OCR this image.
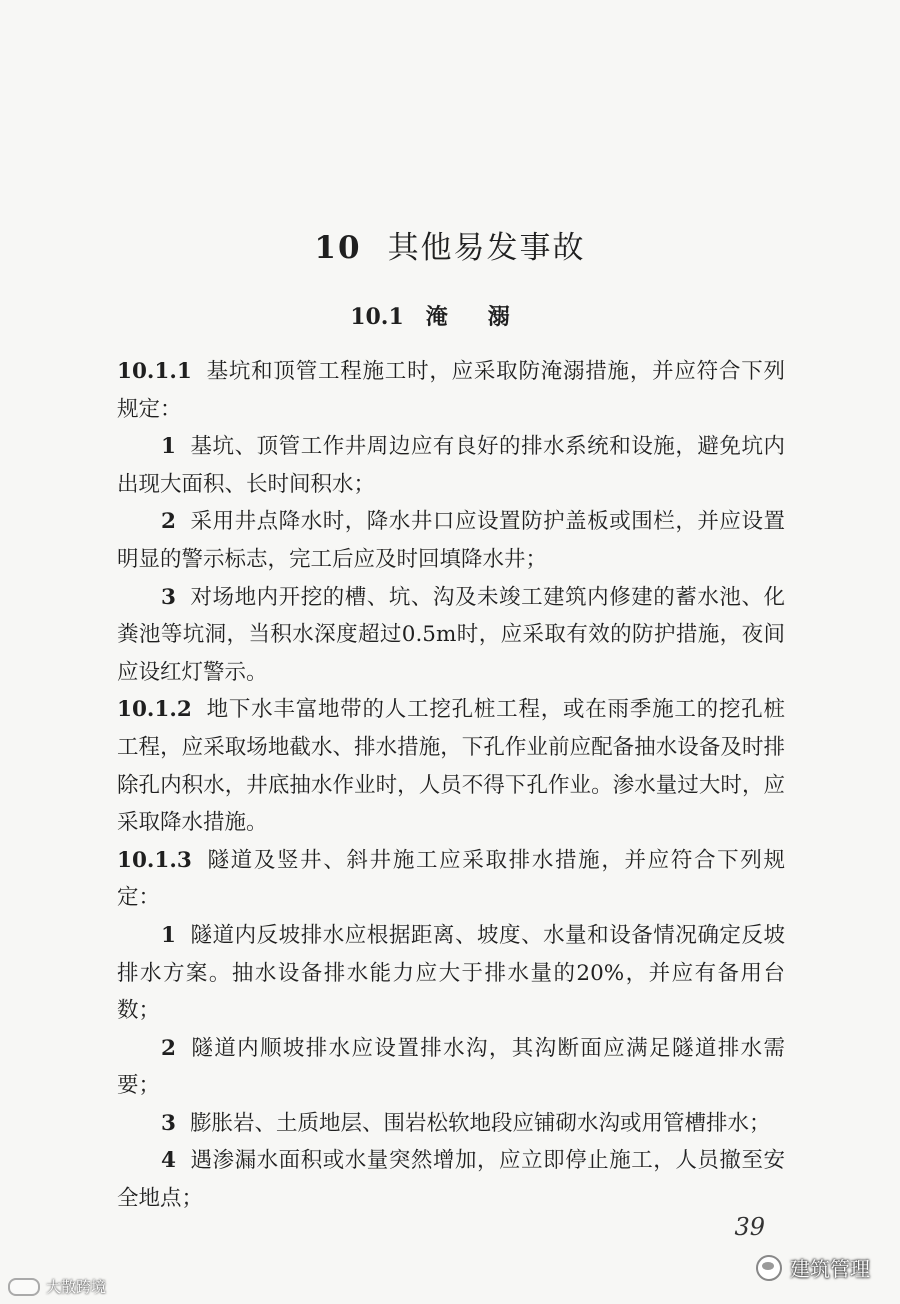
10 其他易发事故
10.1 淹溺

10.1.1 基坑和顶管工程施工时，应采取防淹溺措施，并应符合下列规定：

1 基坑、顶管工作井周边应有良好的排水系统和设施，避免坑内出现大面积、长时间积水；

2 采用井点降水时，降水井口应设置防护盖板或围栏，并应设置明显的警示标志，完工后应及时回填降水井；

3 对场地内开挖的槽、坑、沟及未竣工建筑内修建的蓄水池、化粪池等坑洞，当积水深度超过0.5m时，应采取有效的防护措施，夜间应设红灯警示。

10.1.2 地下水丰富地带的人工挖孔桩工程，或在雨季施工的挖孔桩工程，应采取场地截水、排水措施，下孔作业前应配备抽水设备及时排除孔内积水，井底抽水作业时，人员不得下孔作业。渗水量过大时，应采取降水措施。

10.1.3 隧道及竖井、斜井施工应采取排水措施，并应符合下列规定：

1 隧道内反坡排水应根据距离、坡度、水量和设备情况确定反坡排水方案。抽水设备排水能力应大于排水量的20%，并应有备用台数；

2 隧道内顺坡排水应设置排水沟，其沟断面应满足隧道排水需要；

3 膨胀岩、土质地层、围岩松软地段应铺砌水沟或用管槽排水；

4 遇渗漏水面积或水量突然增加，应立即停止施工，人员撤至安全地点；

39
建筑管理
大散跨境
